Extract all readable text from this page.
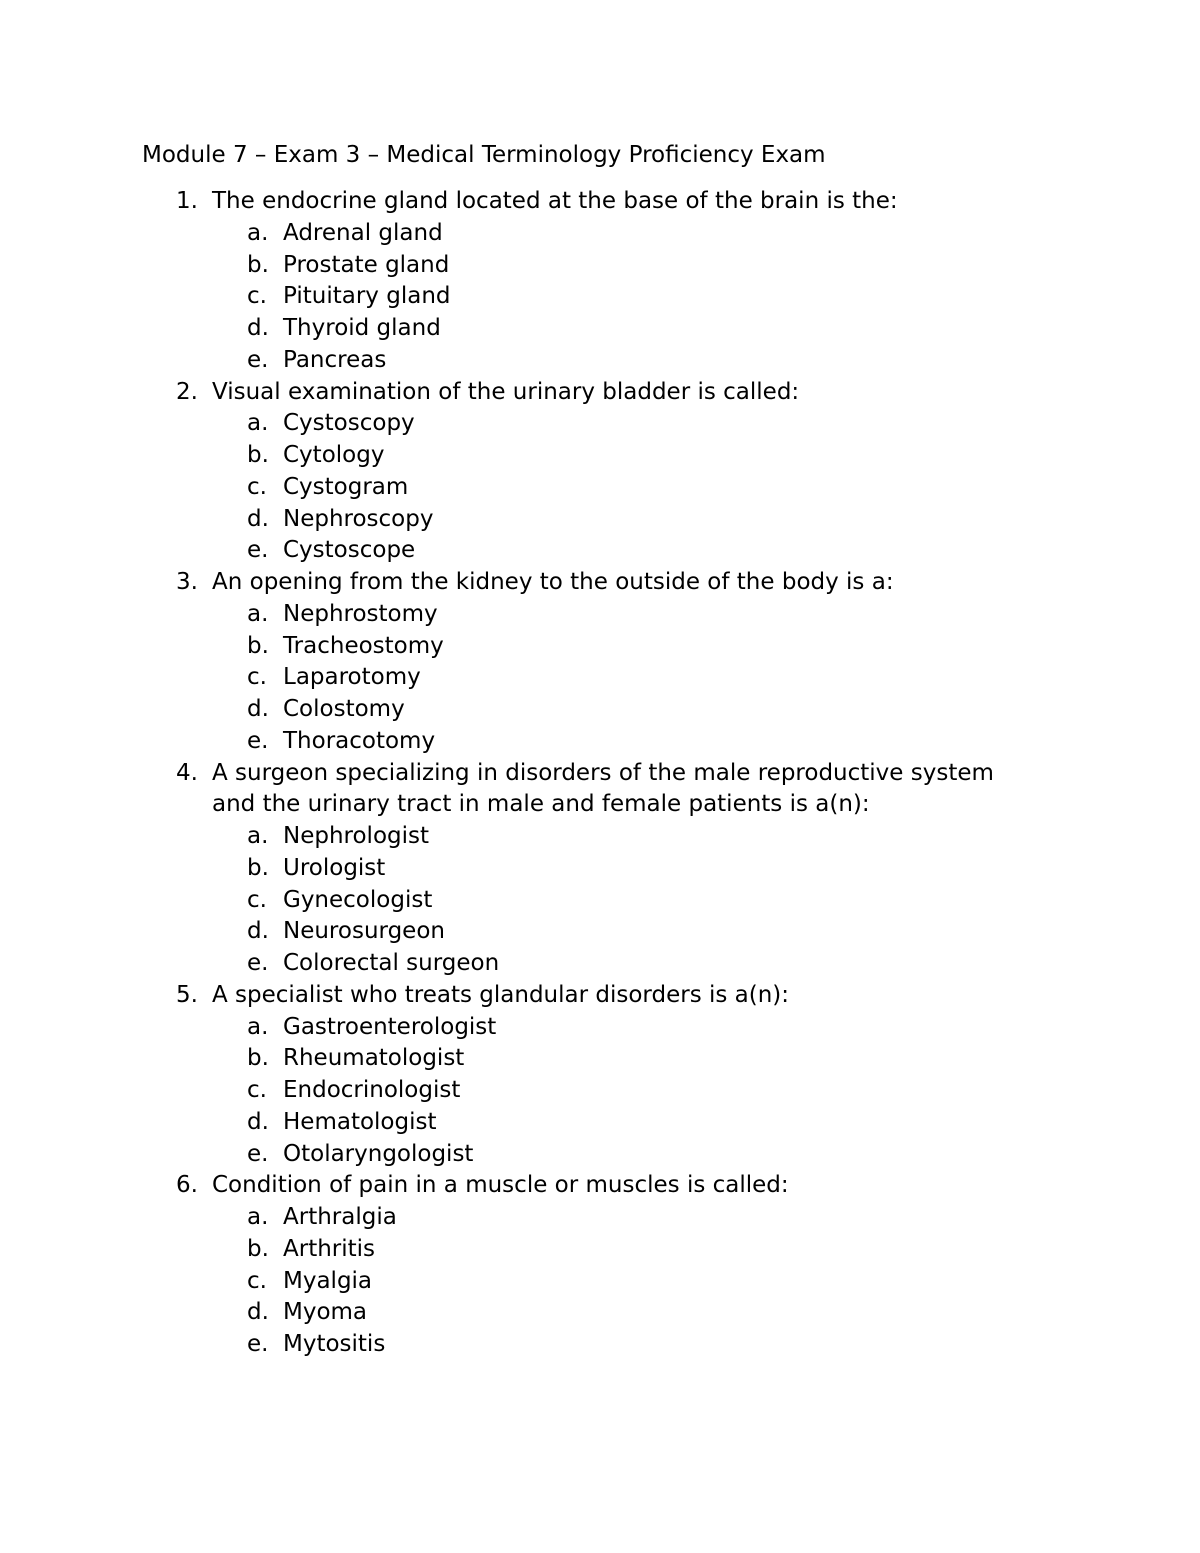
Module 7 – Exam 3 – Medical Terminology Proficiency Exam
1. The endocrine gland located at the base of the brain is the:
a. Adrenal gland
b. Prostate gland
c. Pituitary gland
d. Thyroid gland
e. Pancreas
2. Visual examination of the urinary bladder is called:
a. Cystoscopy
b. Cytology
c. Cystogram
d. Nephroscopy
e. Cystoscope
3. An opening from the kidney to the outside of the body is a:
a. Nephrostomy
b. Tracheostomy
c. Laparotomy
d. Colostomy
e. Thoracotomy
4. A surgeon specializing in disorders of the male reproductive system and the urinary tract in male and female patients is a(n):
a. Nephrologist
b. Urologist
c. Gynecologist
d. Neurosurgeon
e. Colorectal surgeon
5. A specialist who treats glandular disorders is a(n):
a. Gastroenterologist
b. Rheumatologist
c. Endocrinologist
d. Hematologist
e. Otolaryngologist
6. Condition of pain in a muscle or muscles is called:
a. Arthralgia
b. Arthritis
c. Myalgia
d. Myoma
e. Mytositis
